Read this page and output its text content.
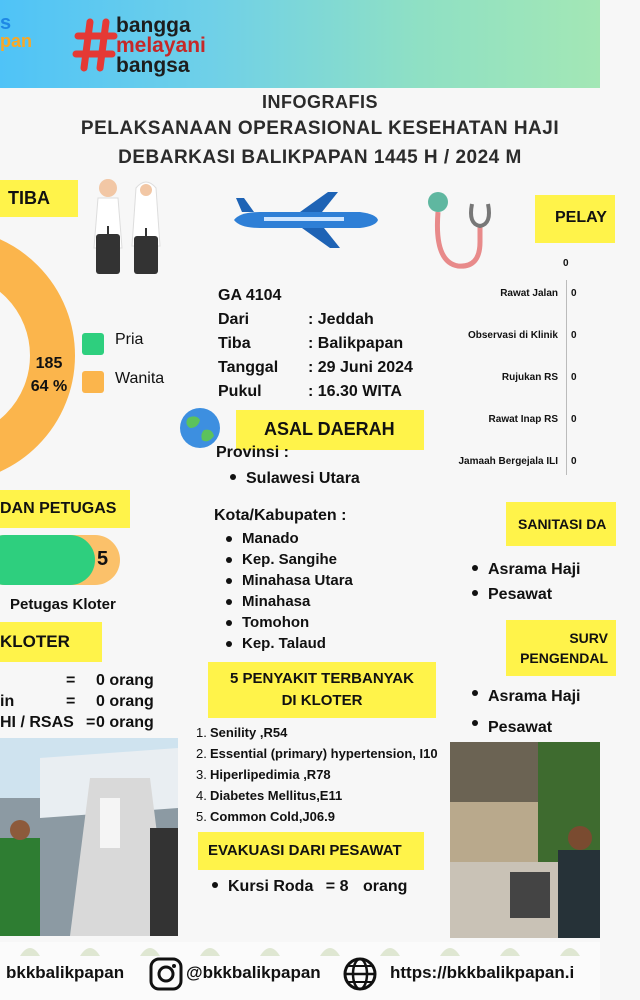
s
pan
bangga
melayani
bangsa
INFOGRAFIS
PELAKSANAAN OPERASIONAL KESEHATAN HAJI
DEBARKASI BALIKPAPAN 1445 H / 2024 M
TIBA
185
64 %
Pria
Wanita
GA 4104
Dari	: Jeddah
Tiba	: Balikpapan
Tanggal	: 29 Juni 2024
Pukul	: 16.30 WITA
PELAY
0
Rawat Jalan 0
Observasi di Klinik 0
Rujukan RS 0
Rawat Inap RS 0
Jamaah Bergejala ILI 0
ASAL DAERAH
Provinsi :
Sulawesi Utara
Kota/Kabupaten :
Manado
Kep. Sangihe
Minahasa Utara
Minahasa
Tomohon
Kep. Talaud
DAN PETUGAS
5
Petugas Kloter
KLOTER
=	0 orang
in	=	0 orang
HI / RSAS = 0 orang
5 PENYAKIT TERBANYAK
DI KLOTER
1. Senility ,R54
2. Essential (primary) hypertension, I10
3. Hiperlipedimia ,R78
4. Diabetes Mellitus,E11
5. Common Cold,J06.9
EVAKUASI DARI PESAWAT
Kursi Roda = 8 orang
SANITASI DA
Asrama Haji
Pesawat
SURV
PENGENDAL
Asrama Haji
Pesawat
bkkbalikpapan	@bkkbalikpapan	https://bkkbalikpapan.i
